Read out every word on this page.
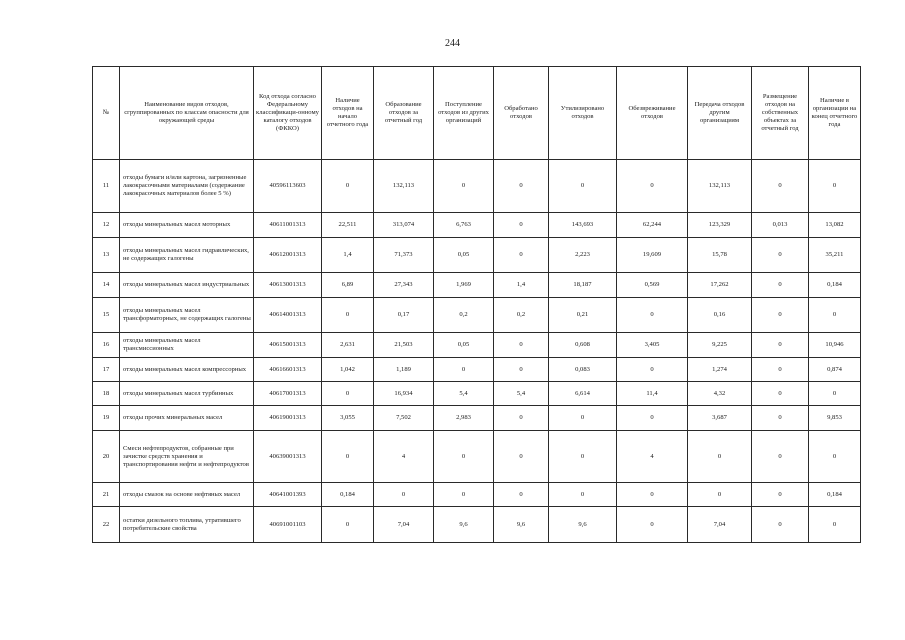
244
№	Наименование видов отходов, сгруппированных по классам опасности для окружающей среды	Код отхода согласно Федеральному классификаци-онному каталогу отходов (ФККО)	Наличие отходов на начало отчетного года	Образование отходов за отчетный год	Поступление отходов из других организаций	Обработано отходов	Утилизировано отходов	Обезвреживание отходов	Передача отходов другим организациям	Размещение отходов на собственных объектах за отчетный год	Наличие в организации на конец отчетного года
11	отходы бумаги и/или картона, загрязненные лакокрасочными материалами (содержание лакокрасочных материалов более 5 %)	40596113603	0	132,113	0	0	0	0	132,113	0	0
12	отходы минеральных масел моторных	40611001313	22,511	313,074	6,763	0	143,693	62,244	123,329	0,013	13,082
13	отходы минеральных масел гидравлических, не содержащих галогены	40612001313	1,4	71,373	0,05	0	2,223	19,609	15,78	0	35,211
14	отходы минеральных масел индустриальных	40613001313	6,89	27,343	1,969	1,4	18,187	0,569	17,262	0	0,184
15	отходы минеральных масел трансформаторных, не содержащих галогены	40614001313	0	0,17	0,2	0,2	0,21	0	0,16	0	0
16	отходы минеральных масел трансмиссионных	40615001313	2,631	21,503	0,05	0	0,608	3,405	9,225	0	10,946
17	отходы минеральных масел компрессорных	40616601313	1,042	1,189	0	0	0,083	0	1,274	0	0,874
18	отходы минеральных масел турбинных	40617001313	0	16,934	5,4	5,4	6,614	11,4	4,32	0	0
19	отходы прочих минеральных масел	40619001313	3,055	7,502	2,983	0	0	0	3,687	0	9,853
20	Смеси нефтепродуктов, собранные при зачистке средств хранения и транспортирования нефти и нефтепродуктов	40639001313	0	4	0	0	0	4	0	0	0
21	отходы смазок на основе нефтяных масел	40641001393	0,184	0	0	0	0	0	0	0	0,184
22	остатки дизельного топлива, утратившего потребительские свойства	40691001103	0	7,04	9,6	9,6	9,6	0	7,04	0	0
